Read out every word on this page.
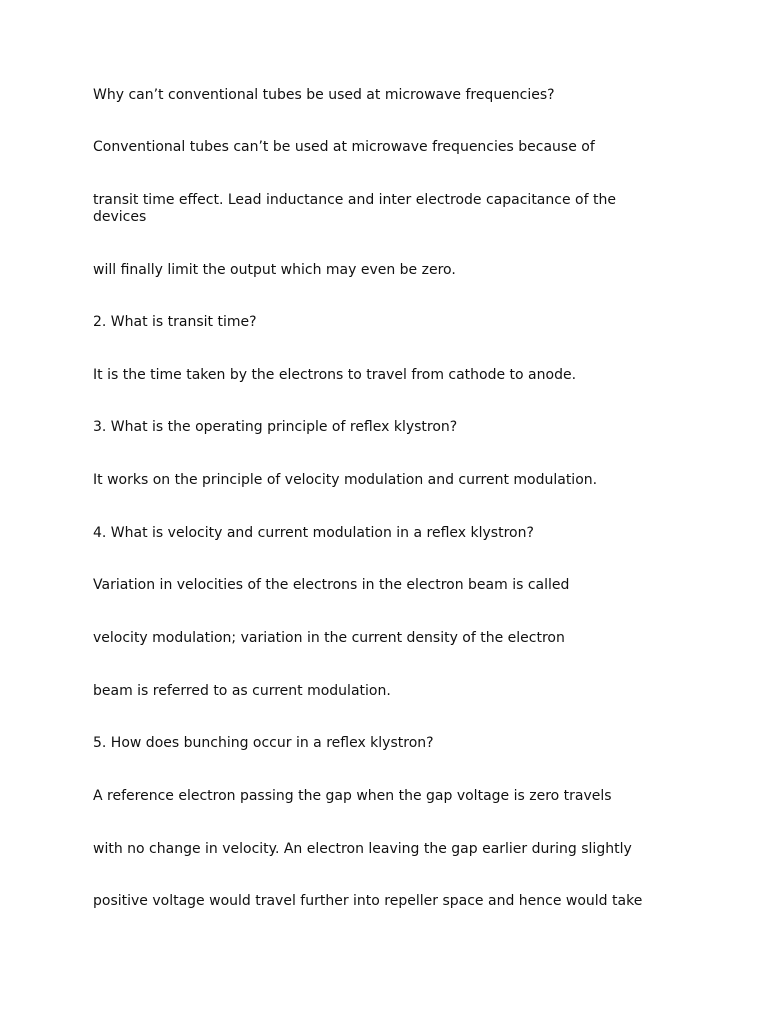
Why can’t conventional tubes be used at microwave frequencies?

Conventional tubes can’t be used at microwave frequencies because of

transit time effect. Lead inductance and inter electrode capacitance of the devices

will finally limit the output which may even be zero.

2. What is transit time?

It is the time taken by the electrons to travel from cathode to anode.

3. What is the operating principle of reflex klystron?

It works on the principle of velocity modulation and current modulation.

4. What is velocity and current modulation in a reflex klystron?

Variation in velocities of the electrons in the electron beam is called

velocity modulation; variation in the current density of the electron

beam is referred to as current modulation.

5. How does bunching occur in a reflex klystron?

A reference electron passing the gap when the gap voltage is zero travels

with no change in velocity. An electron leaving the gap earlier during slightly

positive voltage would travel further into repeller space and hence would take
